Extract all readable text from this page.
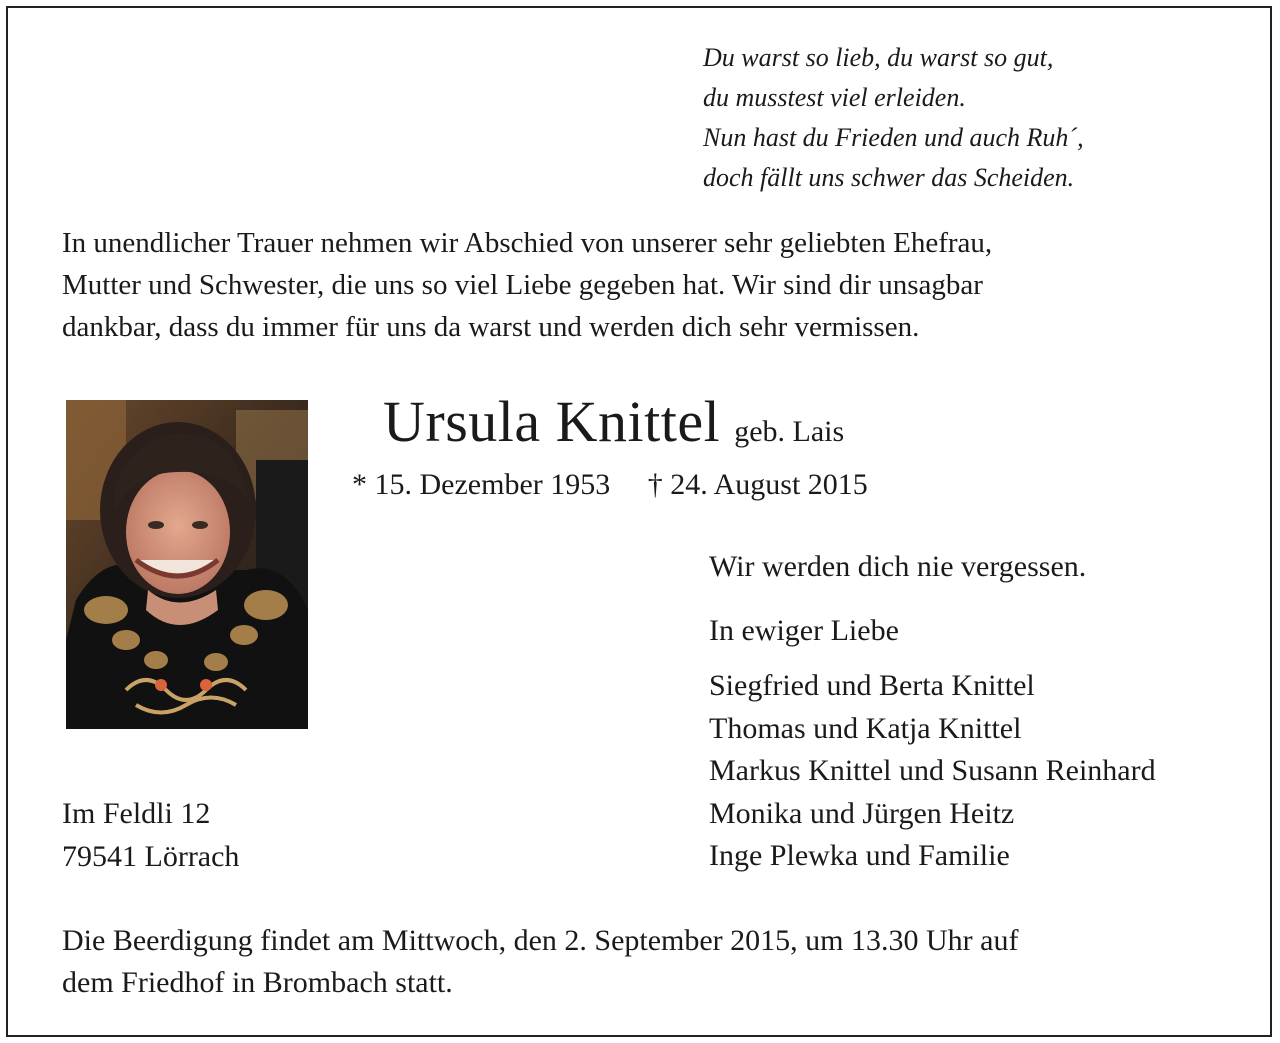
Du warst so lieb, du warst so gut,
du musstest viel erleiden.
Nun hast du Frieden und auch Ruh´,
doch fällt uns schwer das Scheiden.
In unendlicher Trauer nehmen wir Abschied von unserer sehr geliebten Ehefrau,
Mutter und Schwester, die uns so viel Liebe gegeben hat. Wir sind dir unsagbar
dankbar, dass du immer für uns da warst und werden dich sehr vermissen.
Ursula Knittel geb. Lais
* 15. Dezember 1953 † 24. August 2015
Wir werden dich nie vergessen.
In ewiger Liebe
Siegfried und Berta Knittel
Thomas und Katja Knittel
Markus Knittel und Susann Reinhard
Monika und Jürgen Heitz
Inge Plewka und Familie
Im Feldli 12
79541 Lörrach
Die Beerdigung findet am Mittwoch, den 2. September 2015, um 13.30 Uhr auf
dem Friedhof in Brombach statt.
